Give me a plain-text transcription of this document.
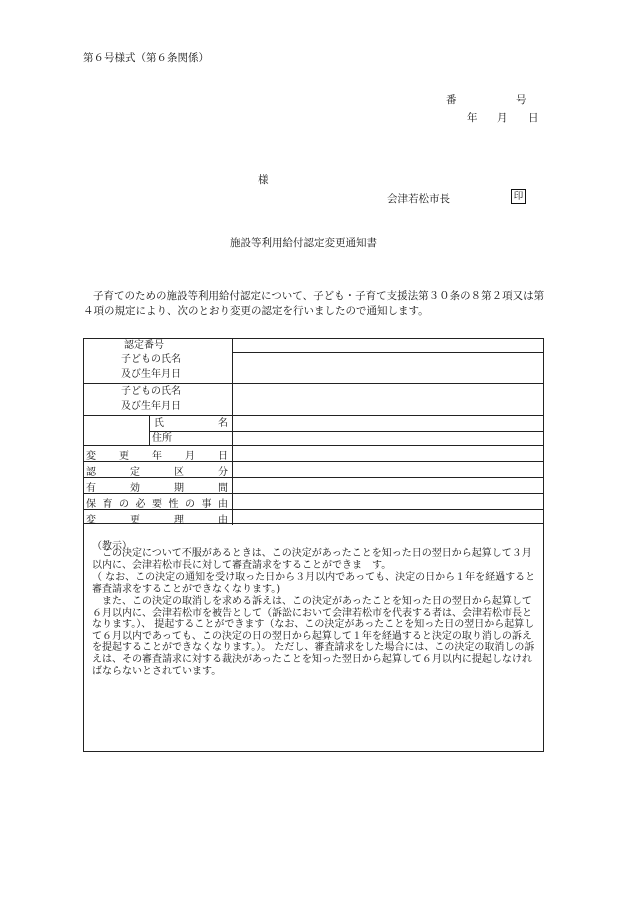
第６号様式（第６条関係）
番	号
年 月 日
様
会津若松市長	印
施設等利用給付認定変更通知書
子育てのための施設等利用給付認定について、子ども・子育て支援法第３０条の８第２項又は第４項の規定により、次のとおり変更の認定を行いましたので通知します。
認定番号
子どもの氏名
及び生年月日
子どもの氏名
及び生年月日
氏	名
住所
変 更 年 月 日
認	定	区	分
有	効	期	間
保 育 の 必 要 性 の 事 由
変	更	理	由
（教示）
この決定について不服があるときは、この決定があったことを知った日の翌日から起算して３月以内に、会津若松市長に対して審査請求をすることができま　す。
（ なお、この決定の通知を受け取った日から３月以内であっても、決定の日から１年を経過すると審査請求をすることができなくなります。)
また、この決定の取消しを求める訴えは、この決定があったことを知った日の翌日から起算して６月以内に、会津若松市を被告として（訴訟において会津若松市を代表する者は、会津若松市長となります。）、 提起することができます（なお、この決定があったことを知った日の翌日から起算して６月以内であっても、この決定の日の翌日から起算して１年を経過すると決定の取り消しの訴えを提起することができなくなります。）。 ただし、審査請求をした場合には、この決定の取消しの訴えは、その審査請求に対する裁決があったことを知った翌日から起算して６月以内に提起しなければならないとされています。
